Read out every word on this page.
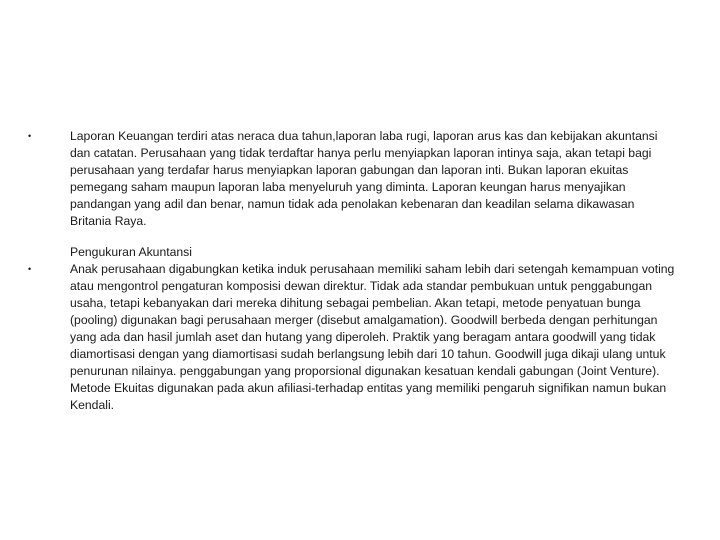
•	Laporan Keuangan terdiri atas neraca dua tahun,laporan laba rugi, laporan arus kas dan kebijakan akuntansi dan catatan. Perusahaan yang tidak terdaftar hanya perlu menyiapkan laporan intinya saja, akan tetapi bagi perusahaan yang terdafar harus menyiapkan laporan gabungan dan laporan inti. Bukan laporan ekuitas pemegang saham maupun laporan laba menyeluruh yang diminta. Laporan keungan harus menyajikan pandangan yang adil dan benar, namun tidak ada penolakan kebenaran dan keadilan selama dikawasan Britania Raya.
•
Pengukuran Akuntansi
Anak perusahaan digabungkan ketika induk perusahaan memiliki saham lebih dari setengah kemampuan voting atau mengontrol pengaturan komposisi dewan direktur. Tidak ada standar pembukuan untuk penggabungan usaha, tetapi kebanyakan dari mereka dihitung sebagai pembelian. Akan tetapi, metode penyatuan bunga (pooling) digunakan bagi perusahaan merger (disebut amalgamation). Goodwill berbeda dengan perhitungan yang ada dan hasil jumlah aset dan hutang yang diperoleh. Praktik yang beragam antara goodwill yang tidak diamortisasi dengan yang diamortisasi sudah berlangsung lebih dari 10 tahun. Goodwill juga dikaji ulang untuk penurunan nilainya. penggabungan yang proporsional digunakan kesatuan kendali gabungan (Joint Venture). Metode Ekuitas digunakan pada akun afiliasi-terhadap entitas yang memiliki pengaruh signifikan namun bukan Kendali.
